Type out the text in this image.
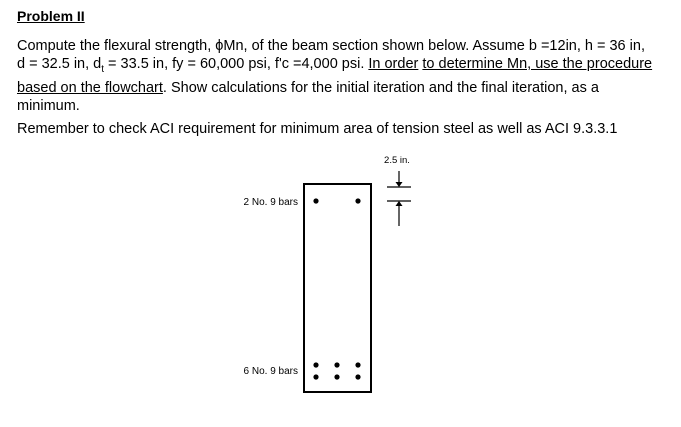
Problem II
Compute the flexural strength, ϕMn, of the beam section shown below. Assume b =12in, h = 36 in, d = 32.5 in, $d_t = 33.5$ in, fy = 60,000 psi, f'c =4,000 psi. In order to determine Mn, use the procedure based on the flowchart. Show calculations for the initial iteration and the final iteration, as a minimum.
Remember to check ACI requirement for minimum area of tension steel as well as ACI 9.3.3.1
2 No. 9 bars
6 No. 9 bars
2.5 in.
